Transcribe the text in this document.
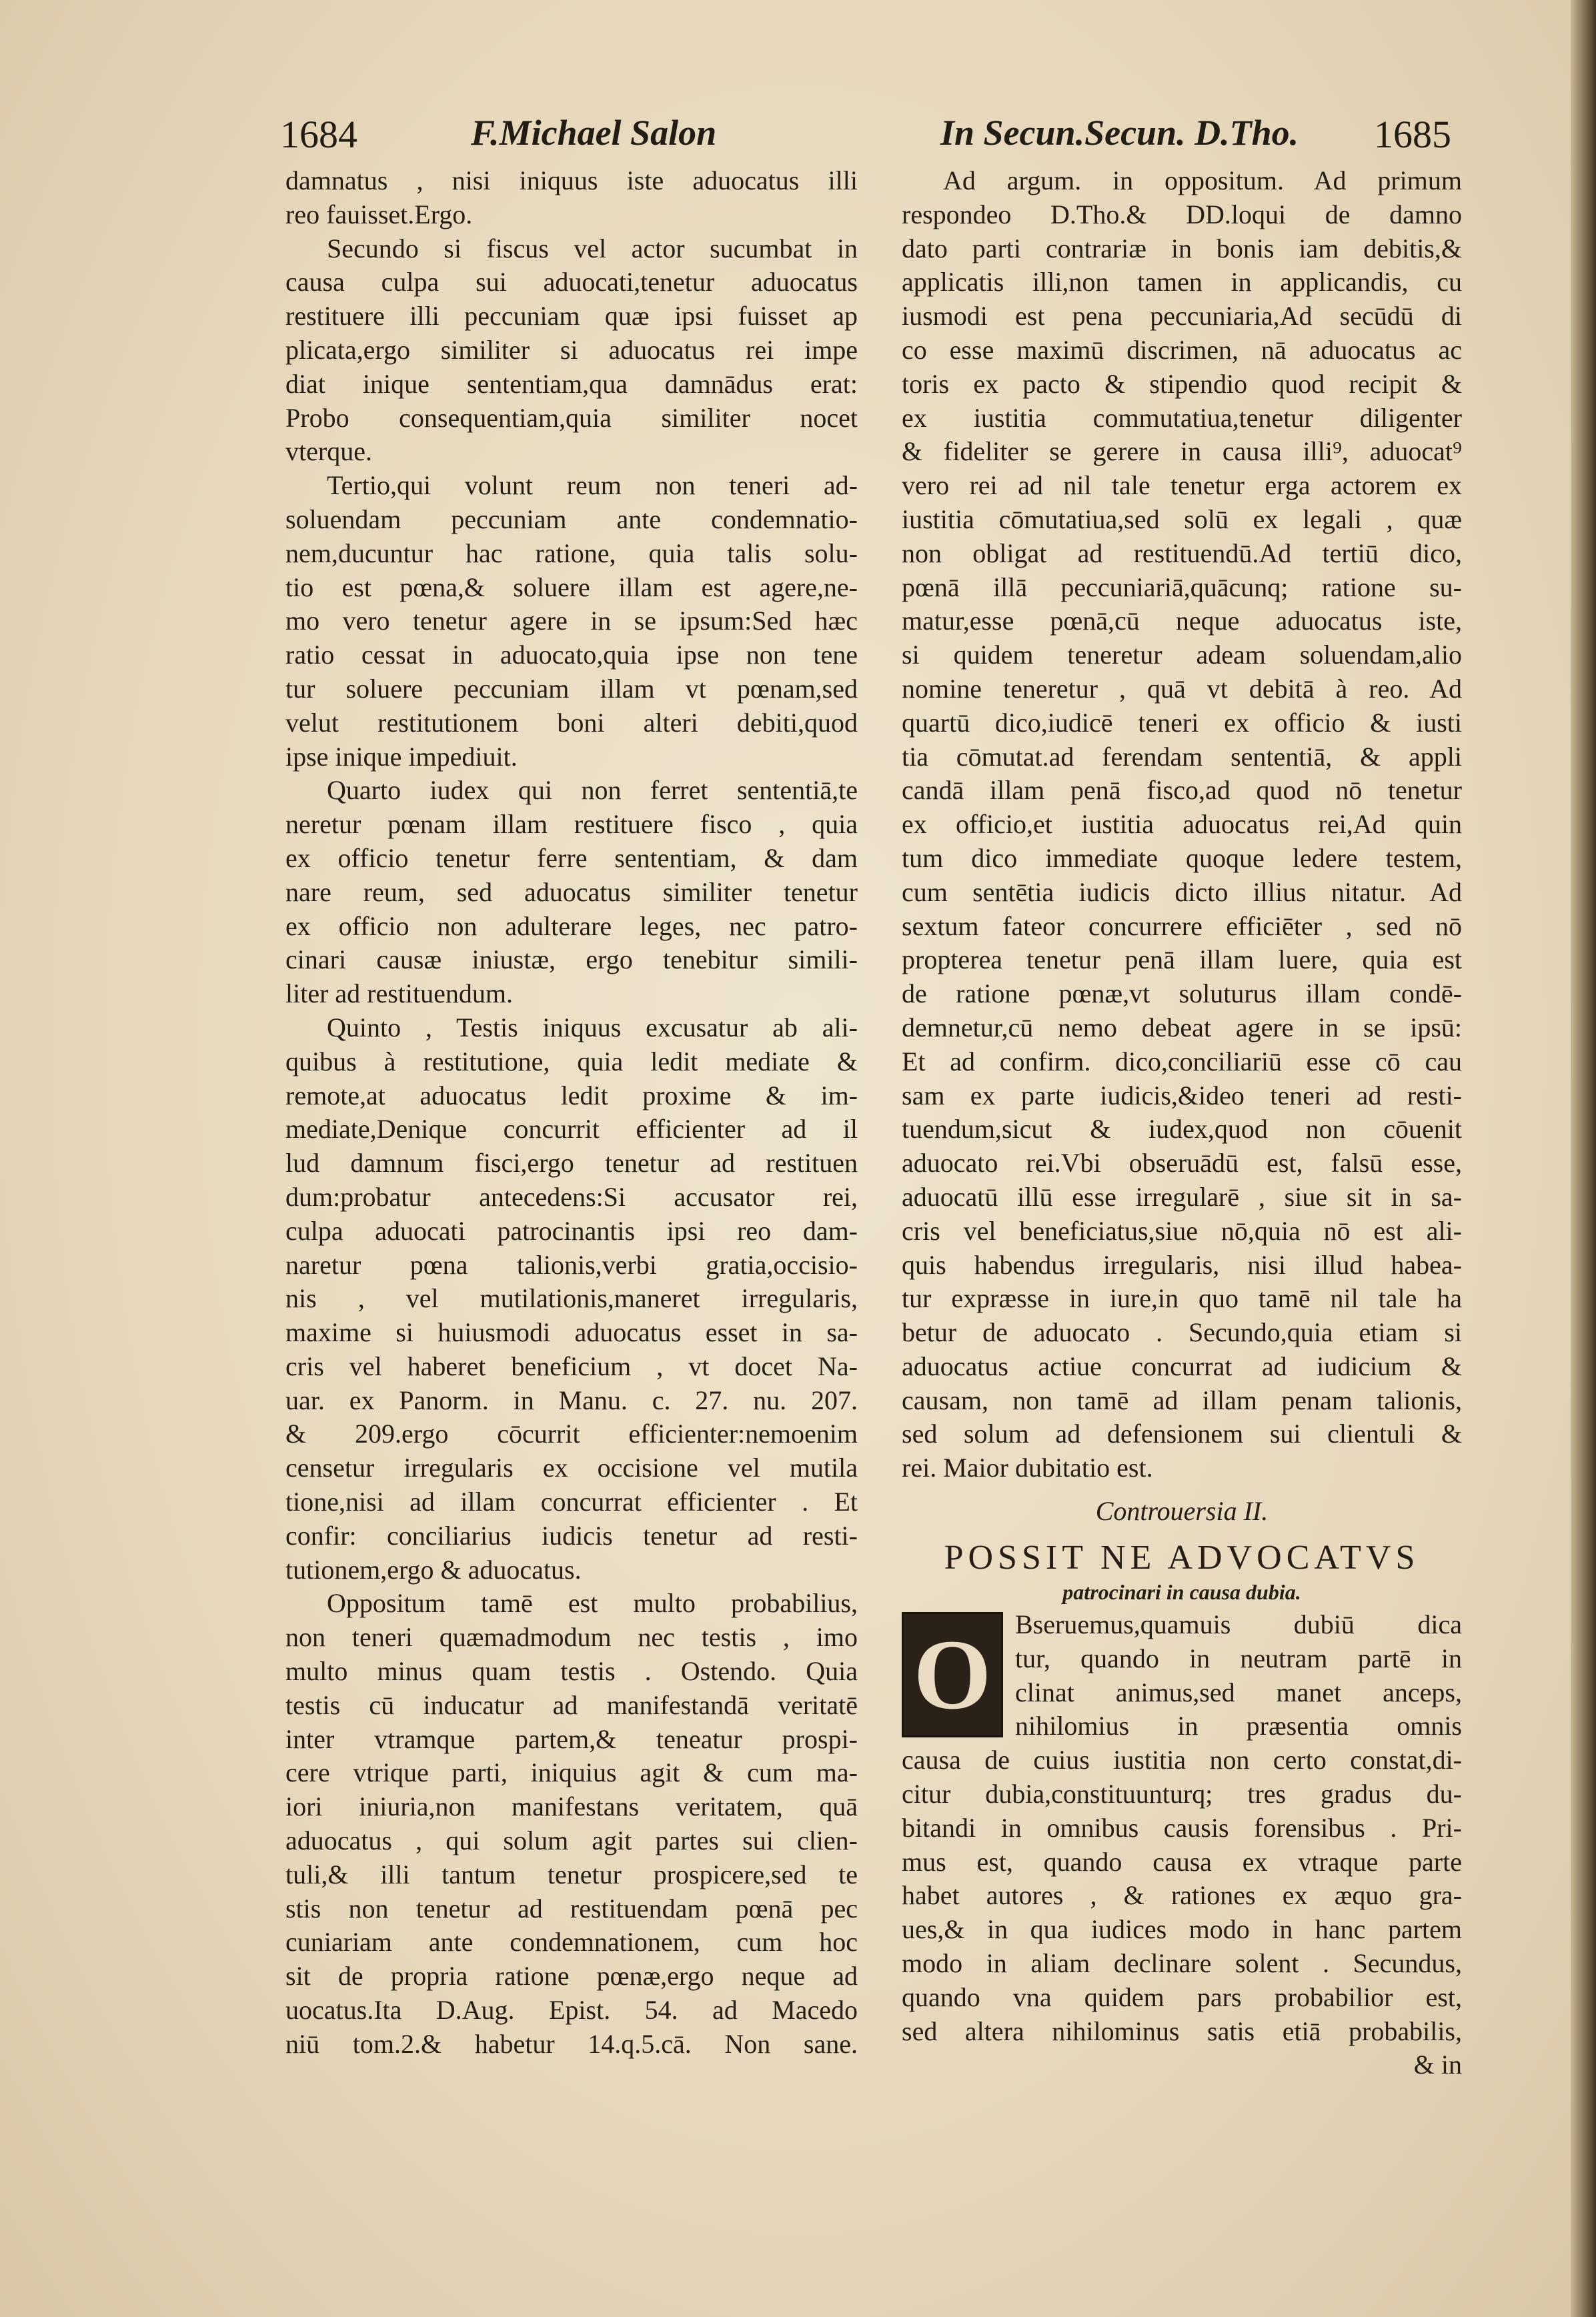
1684	F.Michael Salon	In Secun.Secun. D.Tho. 1685
damnatus , nisi iniquus iste aduocatus illi
reo fauisset.Ergo.
Secundo si fiscus vel actor sucumbat in
causa culpa sui aduocati,tenetur aduocatus
restituere illi peccuniam quæ ipsi fuisset ap
plicata,ergo similiter si aduocatus rei impe
diat inique sententiam,qua damnādus erat:
Probo consequentiam,quia similiter nocet
vterque.
Tertio,qui volunt reum non teneri ad-
soluendam peccuniam ante condemnatio-
nem,ducuntur hac ratione, quia talis solu-
tio est pœna,& soluere illam est agere,ne-
mo vero tenetur agere in se ipsum:Sed hæc
ratio cessat in aduocato,quia ipse non tene
tur soluere peccuniam illam vt pœnam,sed
velut restitutionem boni alteri debiti,quod
ipse inique impediuit.
Quarto iudex qui non ferret sententiā,te
neretur pœnam illam restituere fisco , quia
ex officio tenetur ferre sententiam, & dam
nare reum, sed aduocatus similiter tenetur
ex officio non adulterare leges, nec patro-
cinari causæ iniustæ, ergo tenebitur simili-
liter ad restituendum.
Quinto , Testis iniquus excusatur ab ali-
quibus à restitutione, quia ledit mediate &
remote,at aduocatus ledit proxime & im-
mediate,Denique concurrit efficienter ad il
lud damnum fisci,ergo tenetur ad restituen
dum:probatur antecedens:Si accusator rei,
culpa aduocati patrocinantis ipsi reo dam-
naretur pœna talionis,verbi gratia,occisio-
nis , vel mutilationis,maneret irregularis,
maxime si huiusmodi aduocatus esset in sa-
cris vel haberet beneficium , vt docet Na-
uar. ex Panorm. in Manu. c. 27. nu. 207.
& 209.ergo cōcurrit efficienter:nemoenim
censetur irregularis ex occisione vel mutila
tione,nisi ad illam concurrat efficienter . Et
confir: conciliarius iudicis tenetur ad resti-
tutionem,ergo & aduocatus.
Oppositum tamē est multo probabilius,
non teneri quæmadmodum nec testis , imo
multo minus quam testis . Ostendo. Quia
testis cū inducatur ad manifestandā veritatē
inter vtramque partem,& teneatur prospi-
cere vtrique parti, iniquius agit & cum ma-
iori iniuria,non manifestans veritatem, quā
aduocatus , qui solum agit partes sui clien-
tuli,& illi tantum tenetur prospicere,sed te
stis non tenetur ad restituendam pœnā pec
cuniariam ante condemnationem, cum hoc
sit de propria ratione pœnæ,ergo neque ad
uocatus.Ita D.Aug. Epist. 54. ad Macedo
niū tom.2.& habetur 14.q.5.cā. Non sane.
Ad argum. in oppositum. Ad primum
respondeo D.Tho.& DD.loqui de damno
dato parti contrariæ in bonis iam debitis,&
applicatis illi,non tamen in applicandis, cu
iusmodi est pena peccuniaria,Ad secūdū di
co esse maximū discrimen, nā aduocatus ac
toris ex pacto & stipendio quod recipit &
ex iustitia commutatiua,tenetur diligenter
& fideliter se gerere in causa illi⁹, aduocat⁹
vero rei ad nil tale tenetur erga actorem ex
iustitia cōmutatiua,sed solū ex legali , quæ
non obligat ad restituendū.Ad tertiū dico,
pœnā illā peccuniariā,quācunq; ratione su-
matur,esse pœnā,cū neque aduocatus iste,
si quidem teneretur adeam soluendam,alio
nomine teneretur , quā vt debitā à reo. Ad
quartū dico,iudicē teneri ex officio & iusti
tia cōmutat.ad ferendam sententiā, & appli
candā illam penā fisco,ad quod nō tenetur
ex officio,et iustitia aduocatus rei,Ad quin
tum dico immediate quoque ledere testem,
cum sentētia iudicis dicto illius nitatur. Ad
sextum fateor concurrere efficiēter , sed nō
propterea tenetur penā illam luere, quia est
de ratione pœnæ,vt soluturus illam condē-
demnetur,cū nemo debeat agere in se ipsū:
Et ad confirm. dico,conciliariū esse cō cau
sam ex parte iudicis,&ideo teneri ad resti-
tuendum,sicut & iudex,quod non cōuenit
aduocato rei.Vbi obseruādū est, falsū esse,
aduocatū illū esse irregularē , siue sit in sa-
cris vel beneficiatus,siue nō,quia nō est ali-
quis habendus irregularis, nisi illud habea-
tur expræsse in iure,in quo tamē nil tale ha
betur de aduocato . Secundo,quia etiam si
aduocatus actiue concurrat ad iudicium &
causam, non tamē ad illam penam talionis,
sed solum ad defensionem sui clientuli &
rei. Maior dubitatio est.
Controuersia II.
POSSIT NE ADVOCATVS
patrocinari in causa dubia.
O Bseruemus,quamuis dubiū dica
tur, quando in neutram partē in
clinat animus,sed manet anceps,
nihilomius in præsentia omnis
causa de cuius iustitia non certo constat,di-
citur dubia,constituunturq; tres gradus du-
bitandi in omnibus causis forensibus . Pri-
mus est, quando causa ex vtraque parte
habet autores , & rationes ex æquo gra-
ues,& in qua iudices modo in hanc partem
modo in aliam declinare solent . Secundus,
quando vna quidem pars probabilior est,
sed altera nihilominus satis etiā probabilis,
& in
